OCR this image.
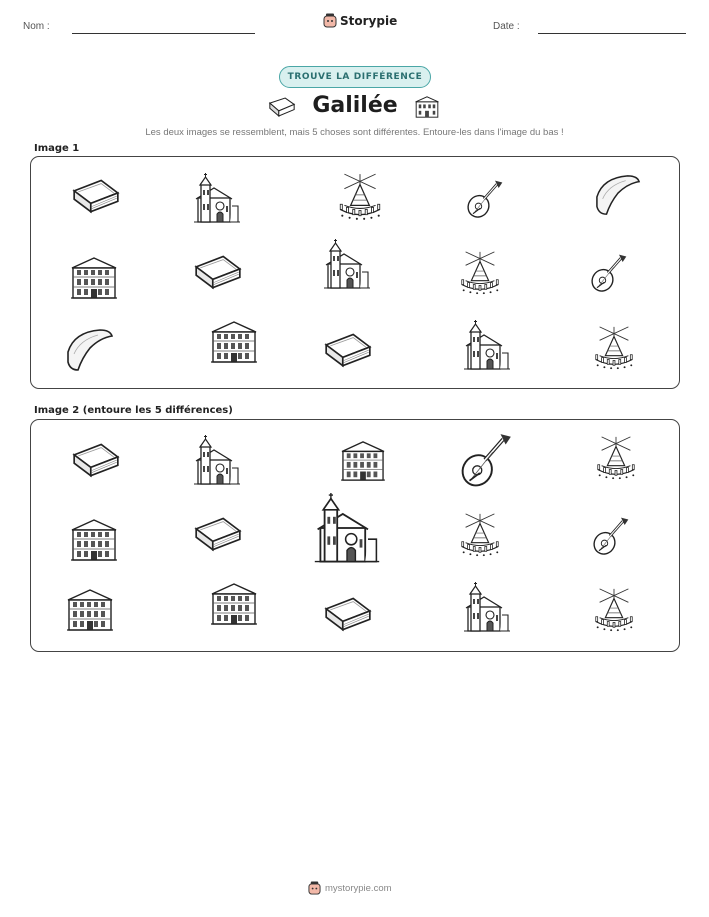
Nom :	Storypie	Date :
TROUVE LA DIFFÉRENCE
Galilée
Les deux images se ressemblent, mais 5 choses sont différentes. Entoure-les dans l'image du bas !
Image 1
Image 2 (entoure les 5 différences)
mystorypie.com
